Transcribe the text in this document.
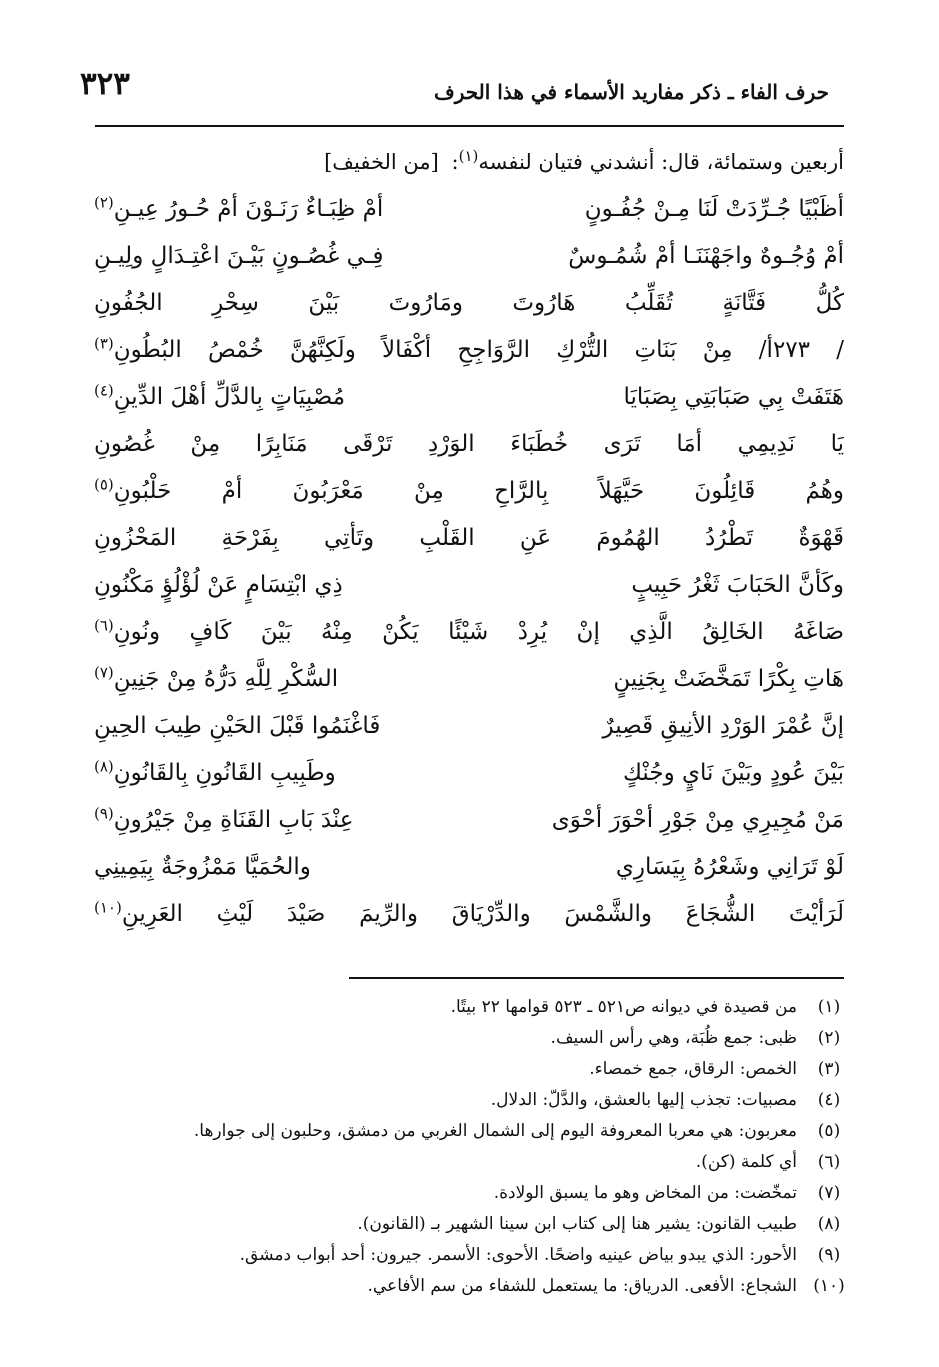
٣٢٣	حرف الفاء ـ ذكر مفاريد الأسماء في هذا الحرف
أربعين وستمائة، قال: أنشدني فتيان لنفسه$^{(١)}$: [من الخفيف]
أظَبْيًا جُـرِّدَتْ لَنَا مِـنْ جُفُـونٍ
أمْ ظِبَـاءٌ رَنَـوْنَ أمْ حُـورُ عِيـنِ$^{(٢)}$
أمْ وُجُـوهٌ واجَهْنَنَـا أمْ شُمُـوسٌ
فِـي غُصُـونٍ بَيْـنَ اعْتِـدَالٍ ولِيـنِ
كُلُّ فَتَّانَةٍ تُقَلِّبُ هَارُوتَ ومَارُوتَ بَيْنَ سِحْرِ الجُفُونِ
/ ٢٧٣أ/ مِنْ بَنَاتِ التُّرْكِ الرَّوَاجِحِ أكْفَالاً ولَكِنَّهُنَّ خُمْصُ البُطُونِ$^{(٣)}$
هَتَفَتْ بِي صَبَابَتِي بِصَبَايَا
مُصْبِيَاتٍ بِالدَّلِّ أهْلَ الدِّينِ$^{(٤)}$
يَا نَدِيمِي أمَا تَرَى خُطَبَاءَ الوَرْدِ تَرْقَى مَنَابِرًا مِنْ غُصُونِ
وهُمُ قَائِلُونَ حَيَّهَلاً بِالرَّاحِ مِنْ مَعْرَبُونَ أمْ حَلْبُونِ$^{(٥)}$
قَهْوَةٌ تَطْرُدُ الهُمُومَ عَنِ القَلْبِ وتَأتِي بِفَرْحَةِ المَحْزُونِ
وكَأنَّ الحَبَابَ ثَغْرُ حَبِيبٍ
ذِي ابْتِسَامٍ عَنْ لُؤْلُؤٍ مَكْنُونِ
صَاغَهُ الخَالِقُ الَّذِي إنْ يُرِدْ شَيْئًا يَكُنْ مِنْهُ بَيْنَ كَافٍ ونُونِ$^{(٦)}$
هَاتِ بِكْرًا تَمَخَّضَتْ بِجَنِينٍ
السُّكْرِ لِلَّهِ دَرُّهُ مِنْ جَنِينِ$^{(٧)}$
إنَّ عُمْرَ الوَرْدِ الأنِيقِ قَصِيرٌ
فَاغْنَمُوا قَبْلَ الحَيْنِ طِيبَ الحِينِ
بَيْنَ عُودٍ وبَيْنَ نَايٍ وجُنْكٍ
وطَبِيبِ القَانُونِ بِالقَانُونِ$^{(٨)}$
مَنْ مُجِيرِي مِنْ جَوْرِ أحْوَرَ أحْوَى
عِنْدَ بَابِ القَنَاةِ مِنْ جَيْرُونِ$^{(٩)}$
لَوْ تَرَانِي وشَعْرُهُ بِيَسَارِي
والحُمَيَّا مَمْزُوجَةٌ بِيَمِينِي
لَرَأيْتَ الشُّجَاعَ والشَّمْسَ والدِّرْيَاقَ والرِّيمَ صَيْدَ لَيْثِ العَرِينِ$^{(١٠)}$
(١)
من قصيدة في ديوانه ص٥٢١ ـ ٥٢٣ قوامها ٢٢ بيتًا.
(٢)
ظبى: جمع ظُبَة، وهي رأس السيف.
(٣)
الخمص: الرقاق، جمع خمصاء.
(٤)
مصبيات: تجذب إليها بالعشق، والدَّلّ: الدلال.
(٥)
معربون: هي معربا المعروفة اليوم إلى الشمال الغربي من دمشق، وحلبون إلى جوارها.
(٦)
أي كلمة (كن).
(٧)
تمخّضت: من المخاض وهو ما يسبق الولادة.
(٨)
طبيب القانون: يشير هنا إلى كتاب ابن سينا الشهير بـ (القانون).
(٩)
الأحور: الذي يبدو بياض عينيه واضحًا. الأحوى: الأسمر. جيرون: أحد أبواب دمشق.
(١٠)
الشجاع: الأفعى. الدرياق: ما يستعمل للشفاء من سم الأفاعي.
